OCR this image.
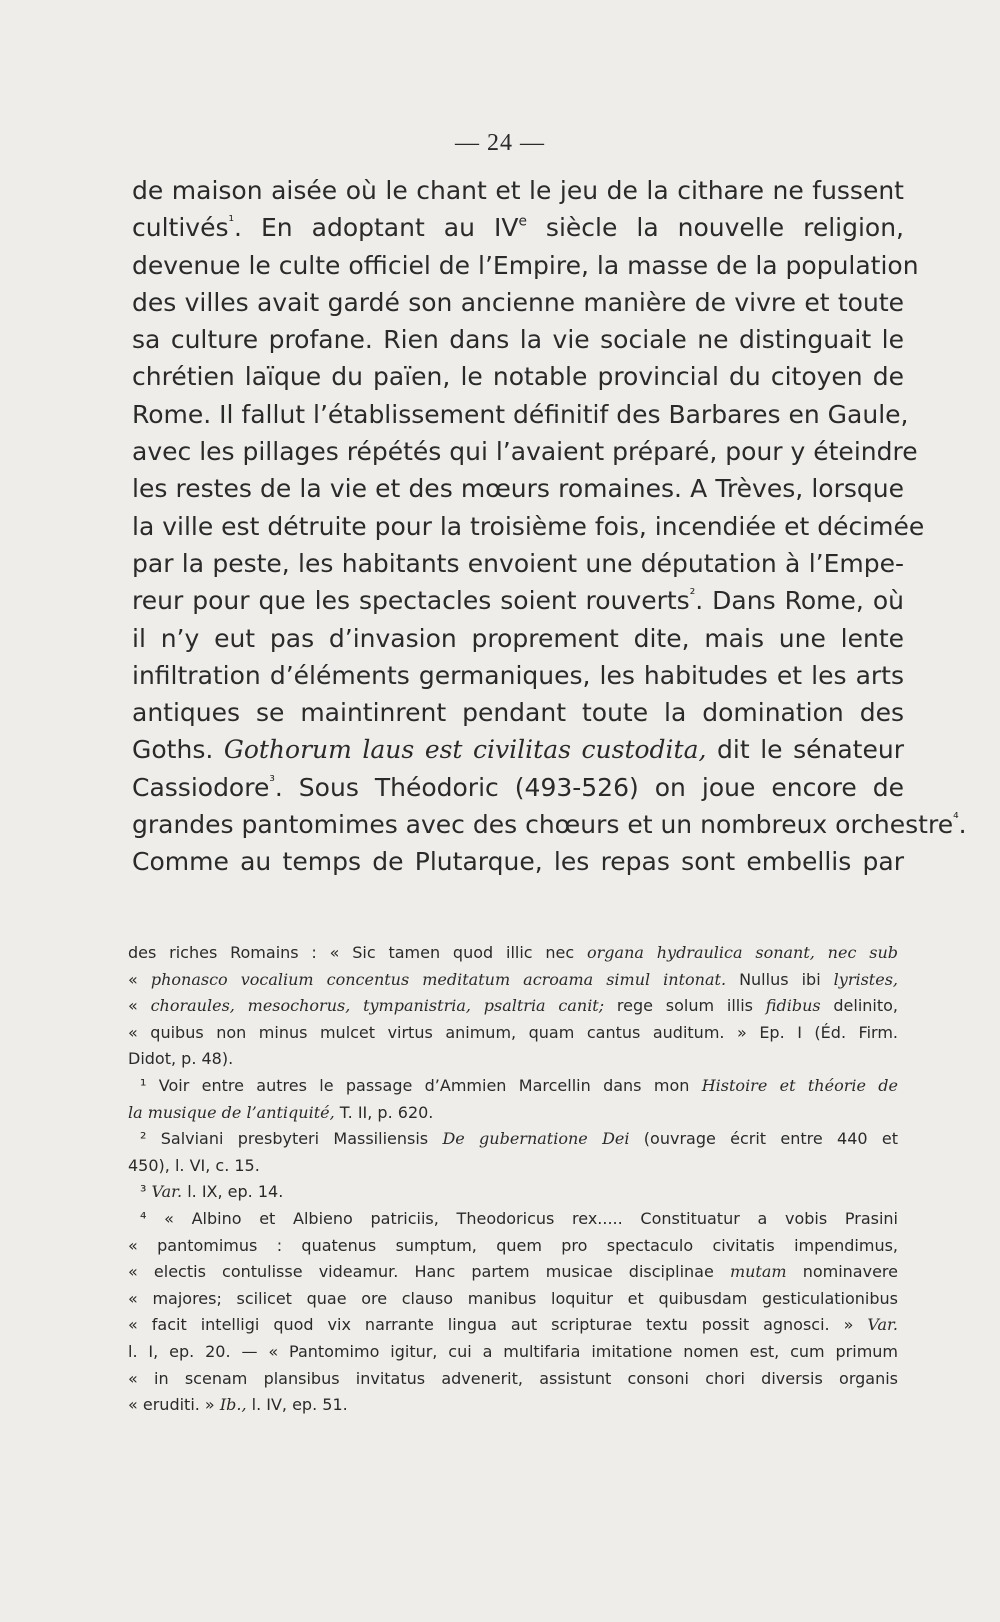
— 24 —
de maison aisée où le chant et le jeu de la cithare ne fussent
cultivés$^{^1}$. En adoptant au IVe siècle la nouvelle religion,
devenue le culte officiel de l’Empire, la masse de la population
des villes avait gardé son ancienne manière de vivre et toute
sa culture profane. Rien dans la vie sociale ne distinguait le
chrétien laïque du païen, le notable provincial du citoyen de
Rome. Il fallut l’établissement définitif des Barbares en Gaule,
avec les pillages répétés qui l’avaient préparé, pour y éteindre
les restes de la vie et des mœurs romaines. A Trèves, lorsque
la ville est détruite pour la troisième fois, incendiée et décimée
par la peste, les habitants envoient une députation à l’Empe-
reur pour que les spectacles soient rouverts$^{^2}$. Dans Rome, où
il n’y eut pas d’invasion proprement dite, mais une lente
infiltration d’éléments germaniques, les habitudes et les arts
antiques se maintinrent pendant toute la domination des
Goths. Gothorum laus est civilitas custodita, dit le sénateur
Cassiodore$^{^3}$. Sous Théodoric (493-526) on joue encore de
grandes pantomimes avec des chœurs et un nombreux orchestre$^{^4}$.
Comme au temps de Plutarque, les repas sont embellis par
des riches Romains : « Sic tamen quod illic nec organa hydraulica sonant, nec sub
« phonasco vocalium concentus meditatum acroama simul intonat. Nullus ibi lyristes,
« choraules, mesochorus, tympanistria, psaltria canit; rege solum illis fidibus delinito,
« quibus non minus mulcet virtus animum, quam cantus auditum. » Ep. I (Éd. Firm.
Didot, p. 48).
¹ Voir entre autres le passage d’Ammien Marcellin dans mon Histoire et théorie de
la musique de l’antiquité, T. II, p. 620.
² Salviani presbyteri Massiliensis De gubernatione Dei (ouvrage écrit entre 440 et
450), l. VI, c. 15.
³ Var. l. IX, ep. 14.
⁴ « Albino et Albieno patriciis, Theodoricus rex..... Constituatur a vobis Prasini
« pantomimus : quatenus sumptum, quem pro spectaculo civitatis impendimus,
« electis contulisse videamur. Hanc partem musicae disciplinae mutam nominavere
« majores; scilicet quae ore clauso manibus loquitur et quibusdam gesticulationibus
« facit intelligi quod vix narrante lingua aut scripturae textu possit agnosci. » Var.
l. I, ep. 20. — « Pantomimo igitur, cui a multifaria imitatione nomen est, cum primum
« in scenam plansibus invitatus advenerit, assistunt consoni chori diversis organis
« eruditi. » Ib., l. IV, ep. 51.
